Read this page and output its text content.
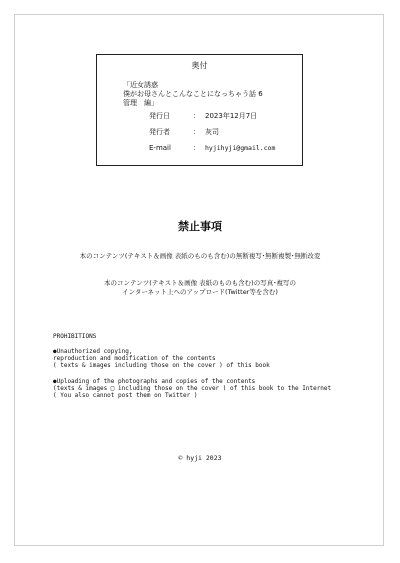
奥付
「近女誘惑
僕がお母さんとこんなことになっちゃう話 6
管理　編」
発行日	： 2023年12月7日
発行者	： 灰司
E-mail	： hyjihyji@gmail.com
禁止事項
本のコンテンツ(テキスト＆画像 表紙のものも含む)の無断複写･無断複製･無断改変
本のコンテンツ(テキスト＆画像 表紙のものも含む)の写真･複写の
インターネット上へのアップロード(Twitter等を含む)
PROHIBITIONS
●Unauthorized copying,
reproduction and modification of the contents
( texts & images including those on the cover ) of this book
●Uploading of the photographs and copies of the contents
(texts & images □ including those on the cover ) of this book to the Internet
( You also cannot post them on Twitter )
© hyji 2023
